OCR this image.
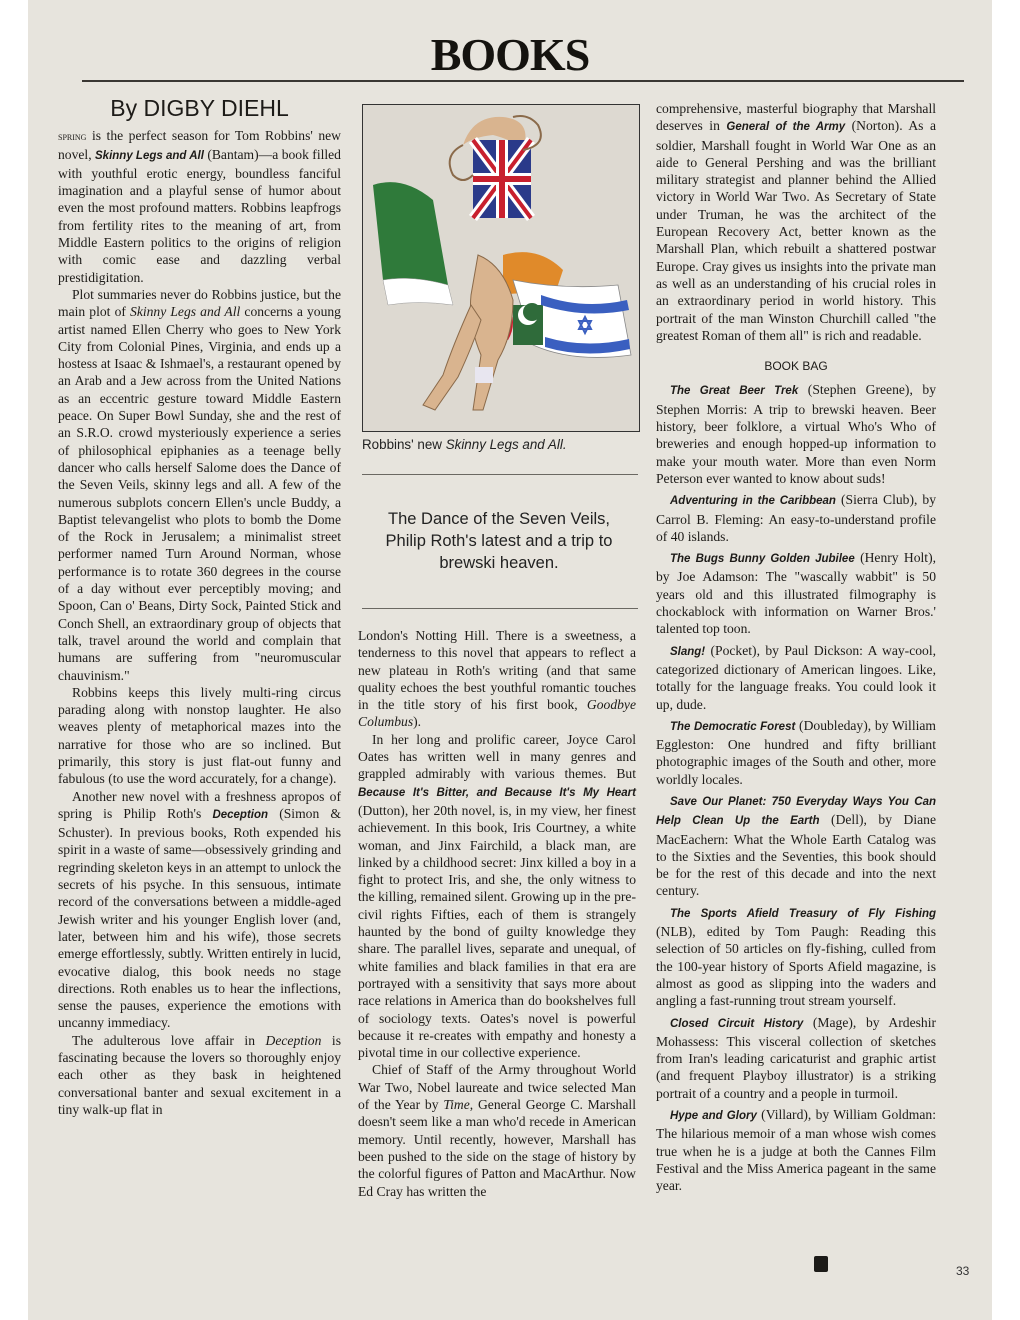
BOOKS
By DIGBY DIEHL

spring is the perfect season for Tom Robbins' new novel, Skinny Legs and All (Bantam)—a book filled with youthful erotic energy, boundless fanciful imagination and a playful sense of humor about even the most profound matters. Robbins leapfrogs from fertility rites to the meaning of art, from Middle Eastern politics to the origins of religion with comic ease and dazzling verbal prestidigitation.

Plot summaries never do Robbins justice, but the main plot of Skinny Legs and All concerns a young artist named Ellen Cherry who goes to New York City from Colonial Pines, Virginia, and ends up a hostess at Isaac & Ishmael's, a restaurant opened by an Arab and a Jew across from the United Nations as an eccentric gesture toward Middle Eastern peace. On Super Bowl Sunday, she and the rest of an S.R.O. crowd mysteriously experience a series of philosophical epiphanies as a teenage belly dancer who calls herself Salome does the Dance of the Seven Veils, skinny legs and all. A few of the numerous subplots concern Ellen's uncle Buddy, a Baptist televangelist who plots to bomb the Dome of the Rock in Jerusalem; a minimalist street performer named Turn Around Norman, whose performance is to rotate 360 degrees in the course of a day without ever perceptibly moving; and Spoon, Can o' Beans, Dirty Sock, Painted Stick and Conch Shell, an extraordinary group of objects that talk, travel around the world and complain that humans are suffering from "neuromuscular chauvinism."

Robbins keeps this lively multi-ring circus parading along with nonstop laughter. He also weaves plenty of metaphorical mazes into the narrative for those who are so inclined. But primarily, this story is just flat-out funny and fabulous (to use the word accurately, for a change).

Another new novel with a freshness apropos of spring is Philip Roth's Deception (Simon & Schuster). In previous books, Roth expended his spirit in a waste of same—obsessively grinding and regrinding skeleton keys in an attempt to unlock the secrets of his psyche. In this sensuous, intimate record of the conversations between a middle-aged Jewish writer and his younger English lover (and, later, between him and his wife), those secrets emerge effortlessly, subtly. Written entirely in lucid, evocative dialog, this book needs no stage directions. Roth enables us to hear the inflections, sense the pauses, experience the emotions with uncanny immediacy.

The adulterous love affair in Deception is fascinating because the lovers so thoroughly enjoy each other as they bask in heightened conversational banter and sexual excitement in a tiny walk-up flat in

Robbins' new Skinny Legs and All.
The Dance of the Seven Veils, Philip Roth's latest and a trip to brewski heaven.

London's Notting Hill. There is a sweetness, a tenderness to this novel that appears to reflect a new plateau in Roth's writing (and that same quality echoes the best youthful romantic touches in the title story of his first book, Goodbye Columbus).

In her long and prolific career, Joyce Carol Oates has written well in many genres and grappled admirably with various themes. But Because It's Bitter, and Because It's My Heart (Dutton), her 20th novel, is, in my view, her finest achievement. In this book, Iris Courtney, a white woman, and Jinx Fairchild, a black man, are linked by a childhood secret: Jinx killed a boy in a fight to protect Iris, and she, the only witness to the killing, remained silent. Growing up in the pre-civil rights Fifties, each of them is strangely haunted by the bond of guilty knowledge they share. The parallel lives, separate and unequal, of white families and black families in that era are portrayed with a sensitivity that says more about race relations in America than do bookshelves full of sociology texts. Oates's novel is powerful because it re-creates with empathy and honesty a pivotal time in our collective experience.

Chief of Staff of the Army throughout World War Two, Nobel laureate and twice selected Man of the Year by Time, General George C. Marshall doesn't seem like a man who'd recede in American memory. Until recently, however, Marshall has been pushed to the side on the stage of history by the colorful figures of Patton and MacArthur. Now Ed Cray has written the

comprehensive, masterful biography that Marshall deserves in General of the Army (Norton). As a soldier, Marshall fought in World War One as an aide to General Pershing and was the brilliant military strategist and planner behind the Allied victory in World War Two. As Secretary of State under Truman, he was the architect of the European Recovery Act, better known as the Marshall Plan, which rebuilt a shattered postwar Europe. Cray gives us insights into the private man as well as an understanding of his crucial roles in an extraordinary period in world history. This portrait of the man Winston Churchill called "the greatest Roman of them all" is rich and readable.

BOOK BAG

The Great Beer Trek (Stephen Greene), by Stephen Morris: A trip to brewski heaven. Beer history, beer folklore, a virtual Who's Who of breweries and enough hopped-up information to make your mouth water. More than even Norm Peterson ever wanted to know about suds!

Adventuring in the Caribbean (Sierra Club), by Carrol B. Fleming: An easy-to-understand profile of 40 islands.

The Bugs Bunny Golden Jubilee (Henry Holt), by Joe Adamson: The "wascally wabbit" is 50 years old and this illustrated filmography is chockablock with information on Warner Bros.' talented top toon.

Slang! (Pocket), by Paul Dickson: A way-cool, categorized dictionary of American lingoes. Like, totally for the language freaks. You could look it up, dude.

The Democratic Forest (Doubleday), by William Eggleston: One hundred and fifty brilliant photographic images of the South and other, more worldly locales.

Save Our Planet: 750 Everyday Ways You Can Help Clean Up the Earth (Dell), by Diane MacEachern: What the Whole Earth Catalog was to the Sixties and the Seventies, this book should be for the rest of this decade and into the next century.

The Sports Afield Treasury of Fly Fishing (NLB), edited by Tom Paugh: Reading this selection of 50 articles on fly-fishing, culled from the 100-year history of Sports Afield magazine, is almost as good as slipping into the waders and angling a fast-running trout stream yourself.

Closed Circuit History (Mage), by Ardeshir Mohassess: This visceral collection of sketches from Iran's leading caricaturist and graphic artist (and frequent Playboy illustrator) is a striking portrait of a country and a people in turmoil.

Hype and Glory (Villard), by William Goldman: The hilarious memoir of a man whose wish comes true when he is a judge at both the Cannes Film Festival and the Miss America pageant in the same year.

33
